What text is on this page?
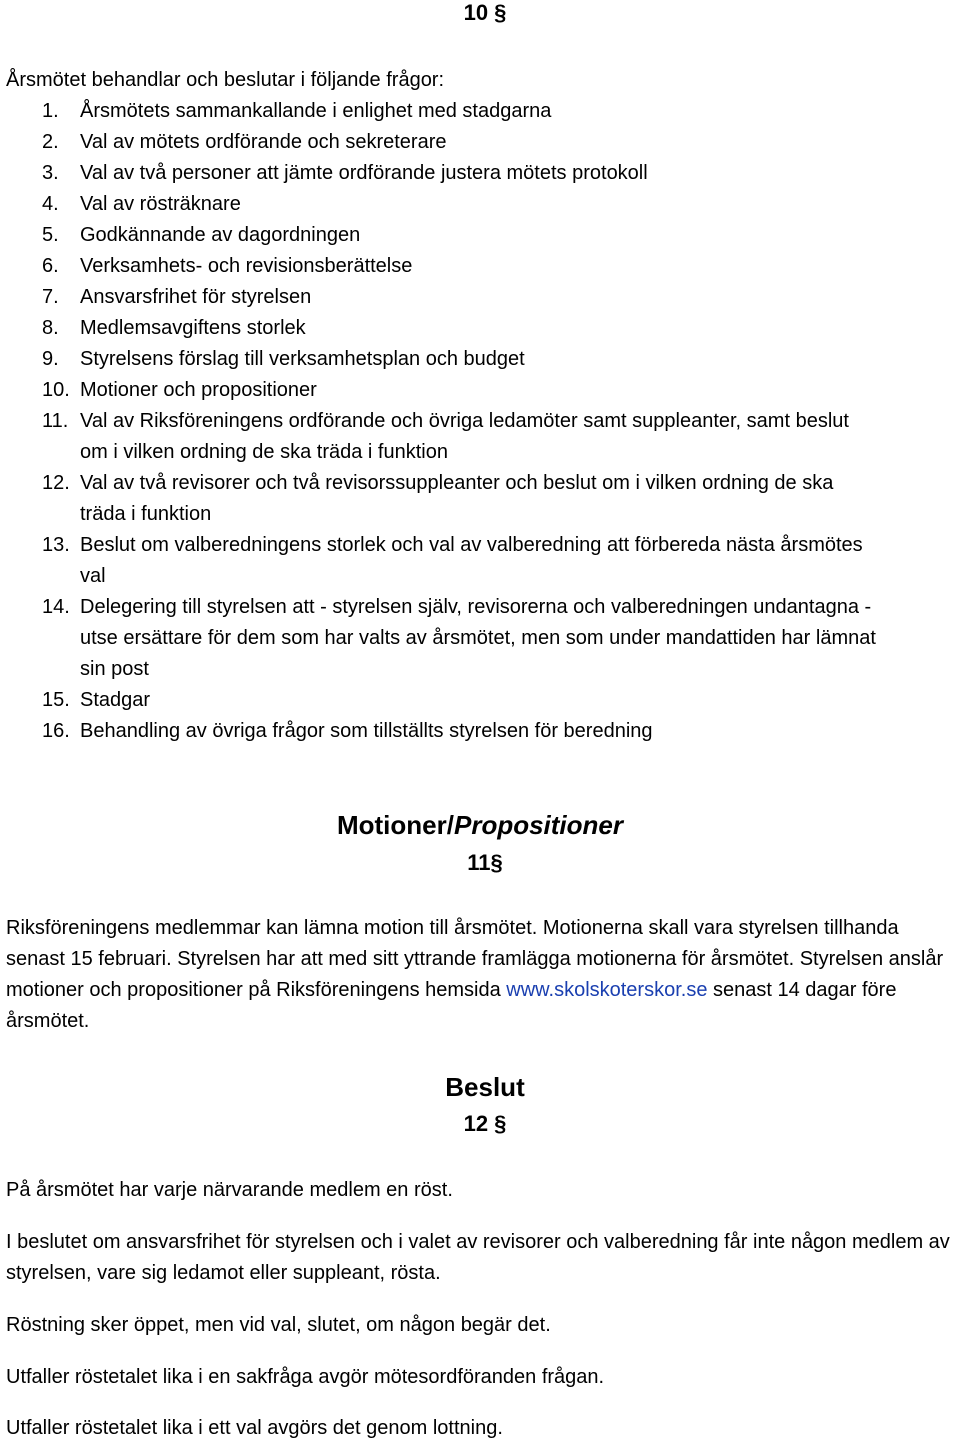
10 §
Årsmötet behandlar och beslutar i följande frågor:
1.	Årsmötets sammankallande i enlighet med stadgarna
2.	Val av mötets ordförande och sekreterare
3.	Val av två personer att jämte ordförande justera mötets protokoll
4.	Val av rösträknare
5.	Godkännande av dagordningen
6.	Verksamhets- och revisionsberättelse
7.	Ansvarsfrihet för styrelsen
8.	Medlemsavgiftens storlek
9.	Styrelsens förslag till verksamhetsplan och budget
10. Motioner och propositioner
11. Val av Riksföreningens ordförande och övriga ledamöter samt suppleanter, samt beslut om i vilken ordning de ska träda i funktion
12. Val av två revisorer och två revisorssuppleanter och beslut om i vilken ordning de ska träda i funktion
13. Beslut om valberedningens storlek och val av valberedning att förbereda nästa årsmötes val
14. Delegering till styrelsen att - styrelsen själv, revisorerna och valberedningen undantagna - utse ersättare för dem som har valts av årsmötet, men som under mandattiden har lämnat sin post
15. Stadgar
16. Behandling av övriga frågor som tillställts styrelsen för beredning
Motioner/Propositioner
11§
Riksföreningens medlemmar kan lämna motion till årsmötet. Motionerna skall vara styrelsen tillhanda senast 15 februari. Styrelsen har att med sitt yttrande framlägga motionerna för årsmötet. Styrelsen anslår motioner och propositioner på Riksföreningens hemsida www.skolskoterskor.se senast 14 dagar före årsmötet.
Beslut
12 §
På årsmötet har varje närvarande medlem en röst.
I beslutet om ansvarsfrihet för styrelsen och i valet av revisorer och valberedning får inte någon medlem av styrelsen, vare sig ledamot eller suppleant, rösta.
Röstning sker öppet, men vid val, slutet, om någon begär det.
Utfaller röstetalet lika i en sakfråga avgör mötesordföranden frågan.
Utfaller röstetalet lika i ett val avgörs det genom lottning.
